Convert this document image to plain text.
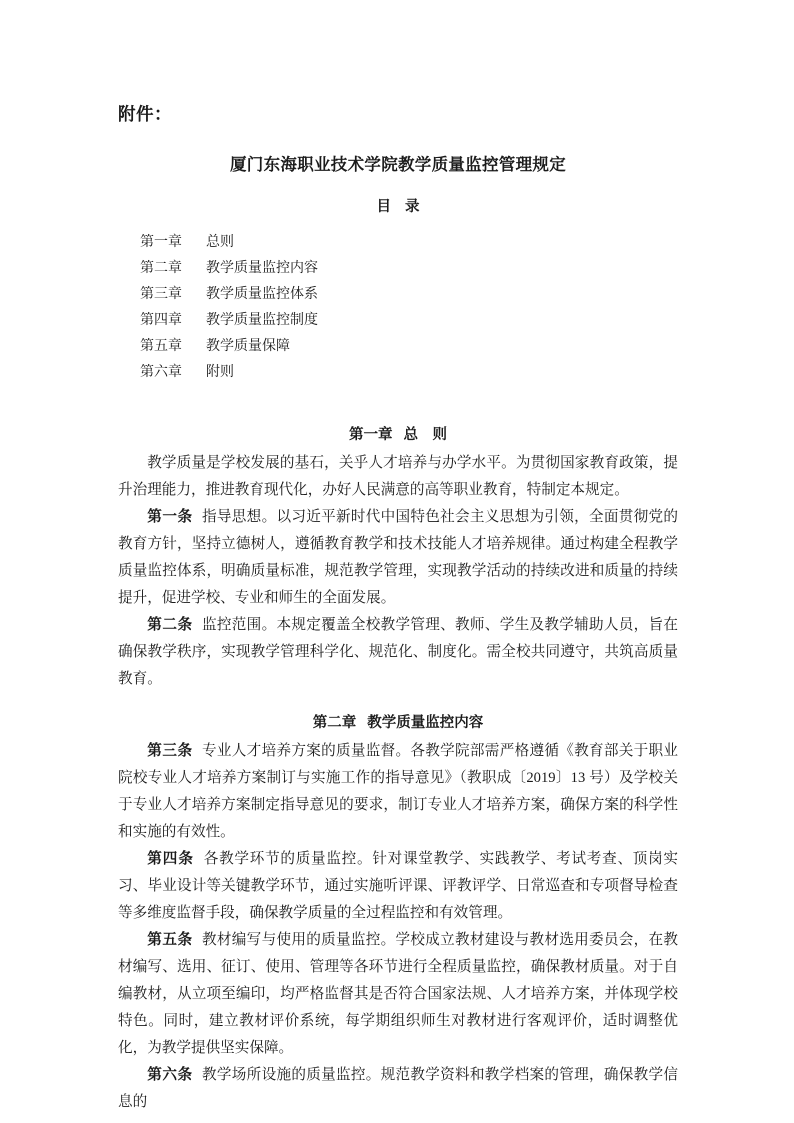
附件：
厦门东海职业技术学院教学质量监控管理规定
目 录
第一章 总则
第二章 教学质量监控内容
第三章 教学质量监控体系
第四章 教学质量监控制度
第五章 教学质量保障
第六章 附则
第一章 总　则

教学质量是学校发展的基石，关乎人才培养与办学水平。为贯彻国家教育政策，提升治理能力，推进教育现代化，办好人民满意的高等职业教育，特制定本规定。

第一条 指导思想。以习近平新时代中国特色社会主义思想为引领，全面贯彻党的教育方针，坚持立德树人，遵循教育教学和技术技能人才培养规律。通过构建全程教学质量监控体系，明确质量标准，规范教学管理，实现教学活动的持续改进和质量的持续提升，促进学校、专业和师生的全面发展。

第二条 监控范围。本规定覆盖全校教学管理、教师、学生及教学辅助人员，旨在确保教学秩序，实现教学管理科学化、规范化、制度化。需全校共同遵守，共筑高质量教育。

第二章 教学质量监控内容

第三条 专业人才培养方案的质量监督。各教学院部需严格遵循《教育部关于职业院校专业人才培养方案制订与实施工作的指导意见》（教职成〔2019〕13 号）及学校关于专业人才培养方案制定指导意见的要求，制订专业人才培养方案，确保方案的科学性和实施的有效性。

第四条 各教学环节的质量监控。针对课堂教学、实践教学、考试考查、顶岗实习、毕业设计等关键教学环节，通过实施听评课、评教评学、日常巡查和专项督导检查等多维度监督手段，确保教学质量的全过程监控和有效管理。

第五条 教材编写与使用的质量监控。学校成立教材建设与教材选用委员会，在教材编写、选用、征订、使用、管理等各环节进行全程质量监控，确保教材质量。对于自编教材，从立项至编印，均严格监督其是否符合国家法规、人才培养方案，并体现学校特色。同时，建立教材评价系统，每学期组织师生对教材进行客观评价，适时调整优化，为教学提供坚实保障。

第六条 教学场所设施的质量监控。规范教学资料和教学档案的管理，确保教学信息的
